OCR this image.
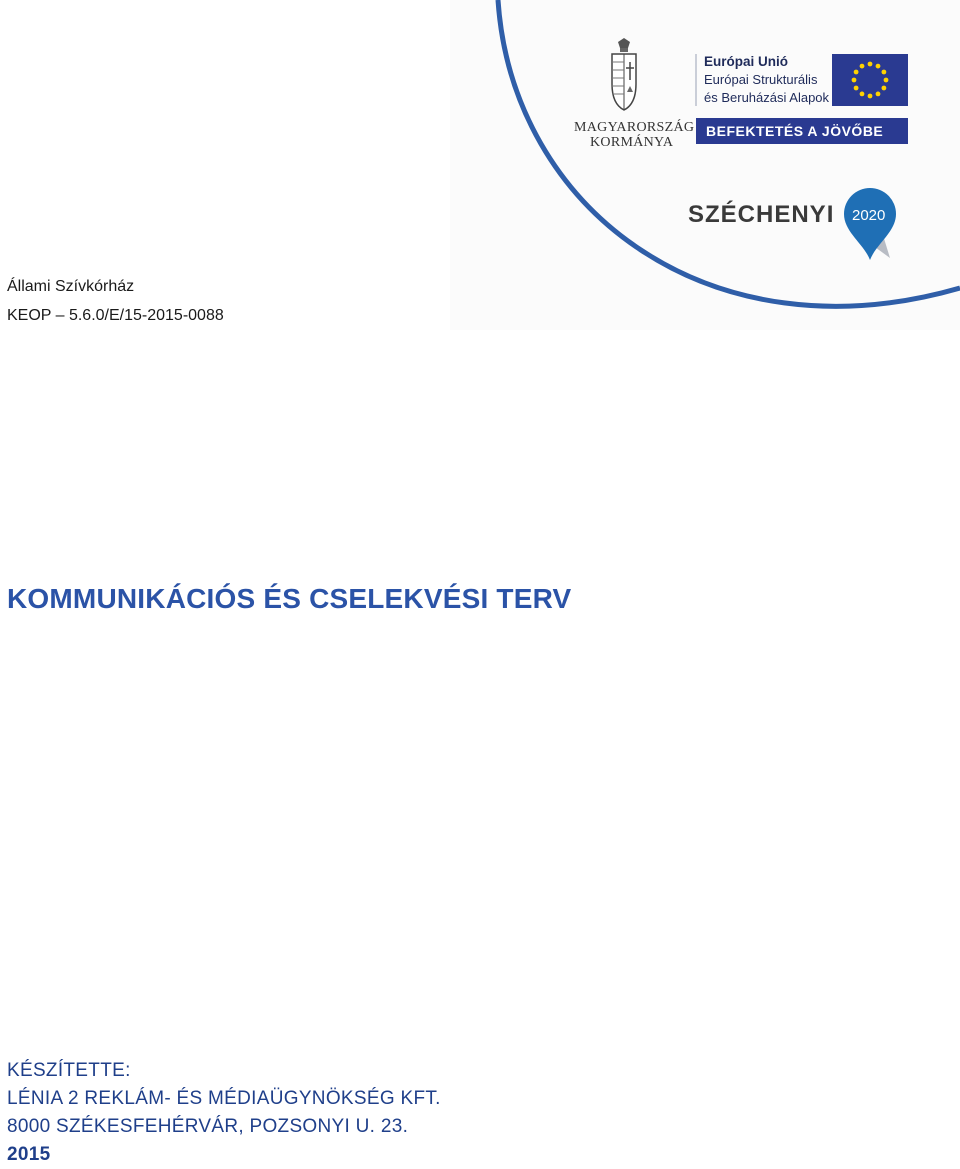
MAGYARORSZÁG
KORMÁNYA
Európai Unió
Európai Strukturális
és Beruházási Alapok
BEFEKTETÉS A JÖVŐBE
SZÉCHENYI 2020
Állami Szívkórház
KEOP – 5.6.0/E/15-2015-0088
KOMMUNIKÁCIÓS ÉS CSELEKVÉSI TERV
KÉSZÍTETTE:
LÉNIA 2 REKLÁM- ÉS MÉDIAÜGYNÖKSÉG KFT.
8000 SZÉKESFEHÉRVÁR, POZSONYI U. 23.
2015
